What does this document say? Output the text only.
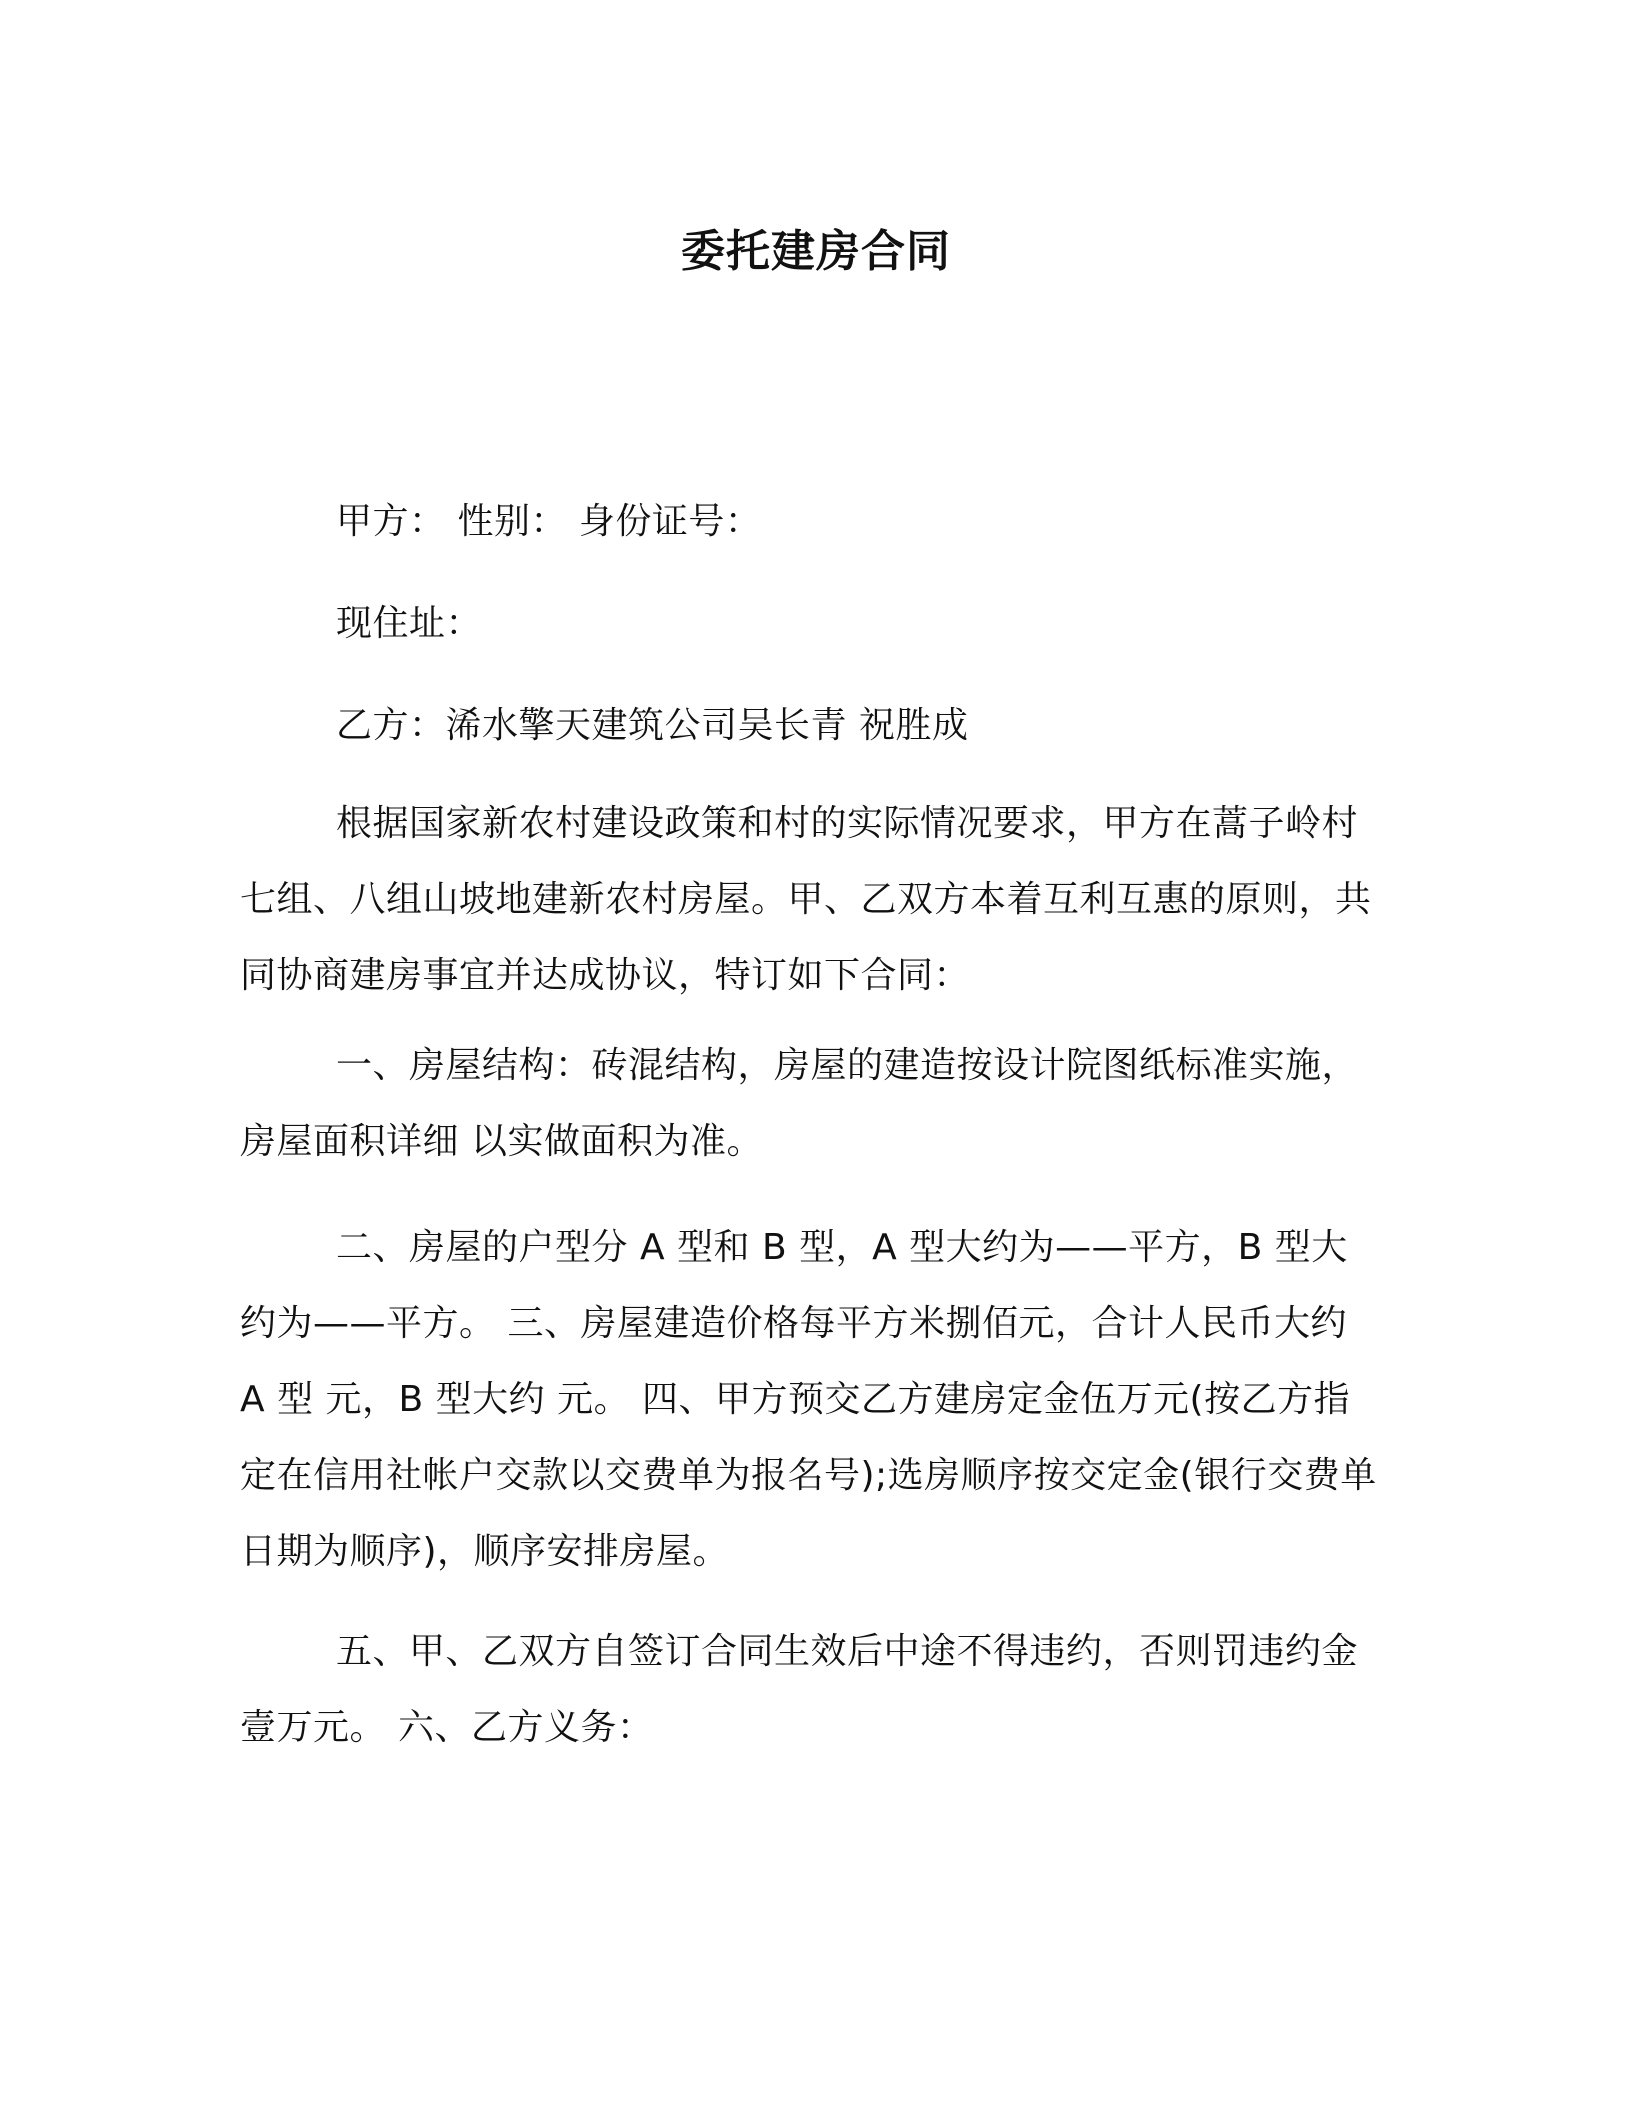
委托建房合同
甲方： 性别： 身份证号：
现住址：
乙方：浠水擎天建筑公司吴长青 祝胜成
根据国家新农村建设政策和村的实际情况要求，甲方在蒿子岭村七组、八组山坡地建新农村房屋。甲、乙双方本着互利互惠的原则，共同协商建房事宜并达成协议，特订如下合同：
一、房屋结构：砖混结构，房屋的建造按设计院图纸标准实施，房屋面积详细 以实做面积为准。
二、房屋的户型分 A 型和 B 型，A 型大约为——平方，B 型大约为——平方。 三、房屋建造价格每平方米捌佰元，合计人民币大约 A 型 元，B 型大约 元。 四、甲方预交乙方建房定金伍万元(按乙方指定在信用社帐户交款以交费单为报名号);选房顺序按交定金(银行交费单日期为顺序)，顺序安排房屋。
五、甲、乙双方自签订合同生效后中途不得违约，否则罚违约金壹万元。 六、乙方义务：
